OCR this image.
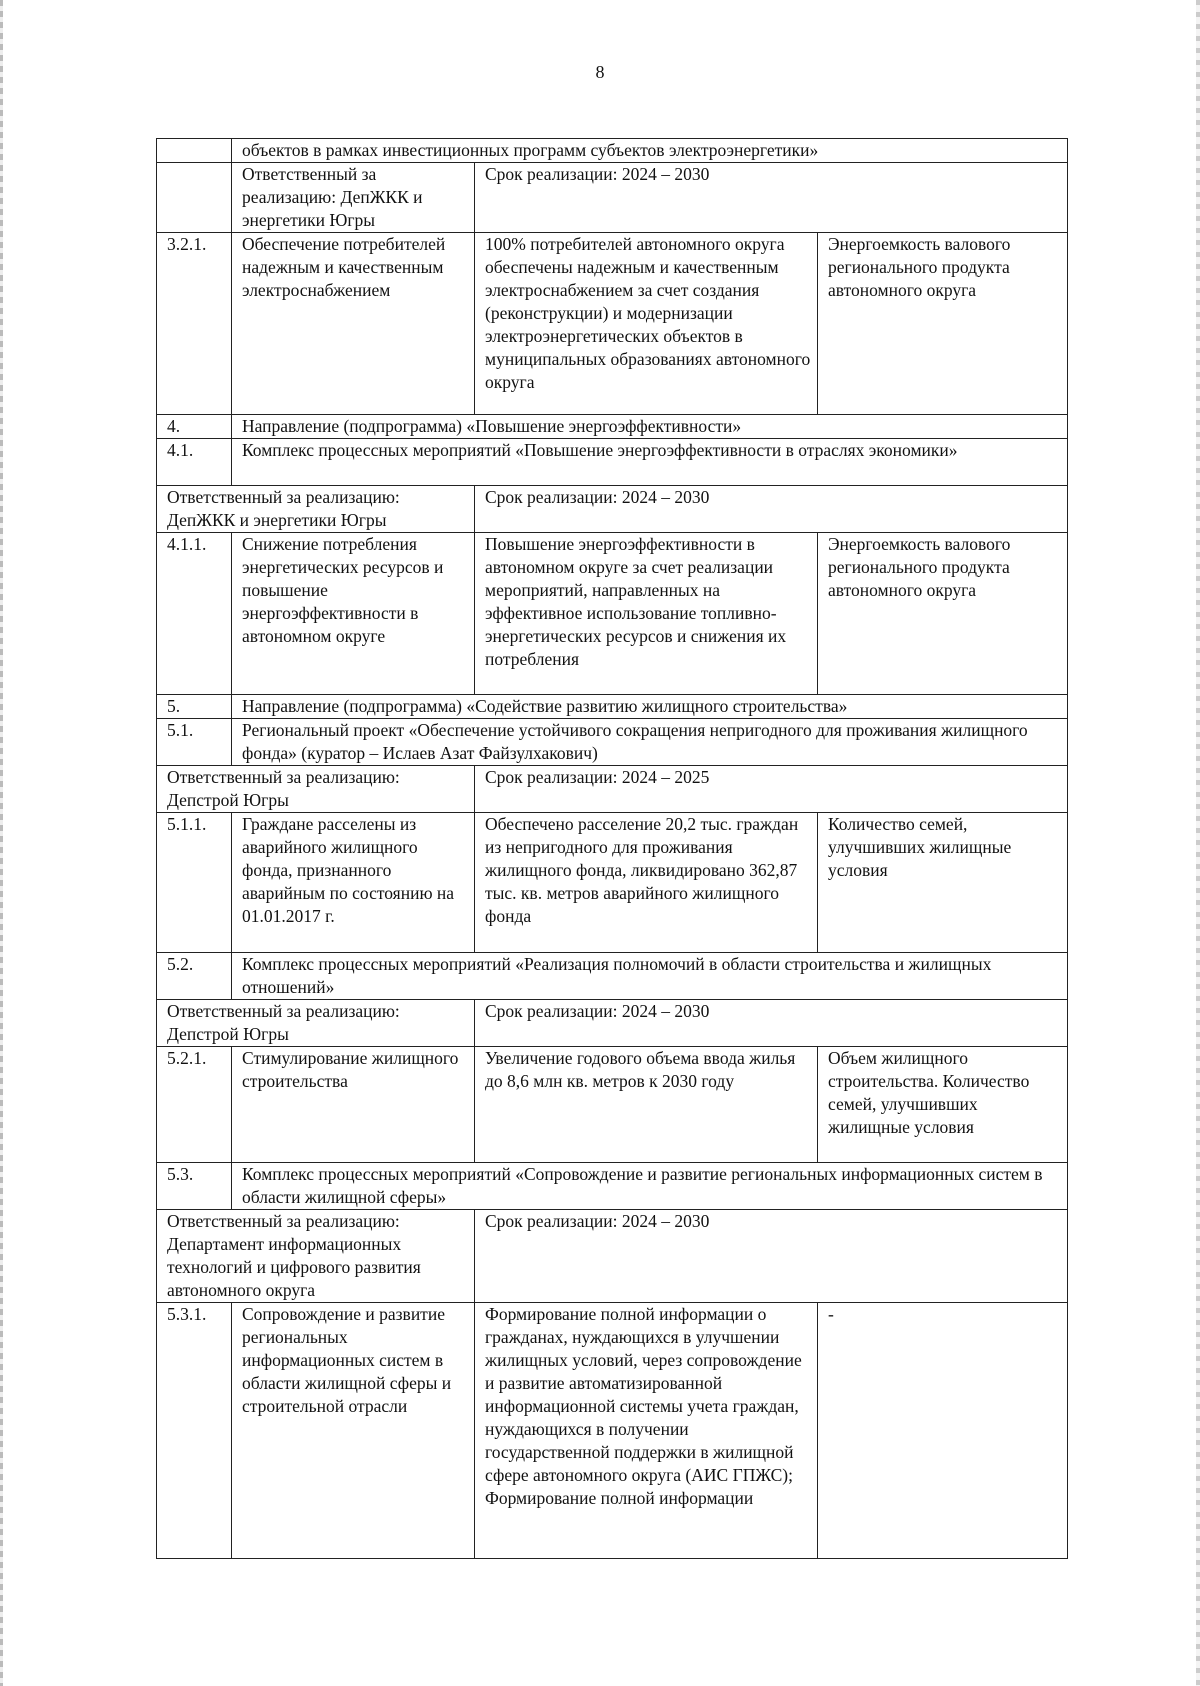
8
	объектов в рамках инвестиционных программ субъектов электроэнергетики»		
	Ответственный за реализацию: ДепЖКК и энергетики Югры	Срок реализации: 2024 – 2030	
3.2.1.	Обеспечение потребителей надежным и качественным электроснабжением	100% потребителей автономного округа обеспечены надежным и качественным электроснабжением за счет создания (реконструкции) и модернизации электроэнергетических объектов в муниципальных образованиях автономного округа	Энергоемкость валового регионального продукта автономного округа
4.	Направление (подпрограмма) «Повышение энергоэффективности»		
4.1.	Комплекс процессных мероприятий «Повышение энергоэффективности в отраслях экономики»		
Ответственный за реализацию: ДепЖКК и энергетики Югры		Срок реализации: 2024 – 2030	
4.1.1.	Снижение потребления энергетических ресурсов и повышение энергоэффективности в автономном округе	Повышение энергоэффективности в автономном округе за счет реализации мероприятий, направленных на эффективное использование топливно-энергетических ресурсов и снижения их потребления	Энергоемкость валового регионального продукта автономного округа
5.	Направление (подпрограмма) «Содействие развитию жилищного строительства»		
5.1.	Региональный проект «Обеспечение устойчивого сокращения непригодного для проживания жилищного фонда» (куратор – Ислаев Азат Файзулхакович)		
Ответственный за реализацию: Депстрой Югры		Срок реализации: 2024 – 2025	
5.1.1.	Граждане расселены из аварийного жилищного фонда, признанного аварийным по состоянию на 01.01.2017 г.	Обеспечено расселение 20,2 тыс. граждан из непригодного для проживания жилищного фонда, ликвидировано 362,87 тыс. кв. метров аварийного жилищного фонда	Количество семей, улучшивших жилищные условия
5.2.	Комплекс процессных мероприятий «Реализация полномочий в области строительства и жилищных отношений»		
Ответственный за реализацию: Депстрой Югры		Срок реализации: 2024 – 2030	
5.2.1.	Стимулирование жилищного строительства	Увеличение годового объема ввода жилья до 8,6 млн кв. метров к 2030 году	Объем жилищного строительства. Количество семей, улучшивших жилищные условия
5.3.	Комплекс процессных мероприятий «Сопровождение и развитие региональных информационных систем в области жилищной сферы»		
Ответственный за реализацию: Департамент информационных технологий и цифрового развития автономного округа		Срок реализации: 2024 – 2030	
5.3.1.	Сопровождение и развитие региональных информационных систем в области жилищной сферы и строительной отрасли	Формирование полной информации о гражданах, нуждающихся в улучшении жилищных условий, через сопровождение и развитие автоматизированной информационной системы учета граждан, нуждающихся в получении государственной поддержки в жилищной сфере автономного округа (АИС ГПЖС); Формирование полной информации	-
